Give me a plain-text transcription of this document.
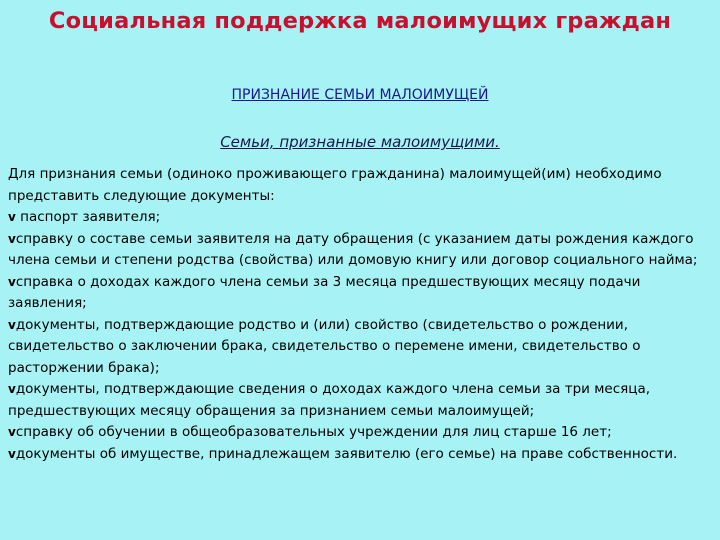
Социальная поддержка малоимущих граждан
ПРИЗНАНИЕ СЕМЬИ МАЛОИМУЩЕЙ
Семьи, признанные малоимущими.

Для признания семьи (одиноко проживающего гражданина) малоимущей(им) необходимо представить следующие документы:

v паспорт заявителя;
vсправку о составе семьи заявителя на дату обращения (с указанием даты рождения каждого члена семьи и степени родства (свойства) или домовую книгу или договор социального найма;
vсправка о доходах каждого члена семьи за 3 месяца предшествующих месяцу подачи заявления;
vдокументы, подтверждающие родство и (или) свойство (свидетельство о рождении, свидетельство о заключении брака, свидетельство о перемене имени, свидетельство о расторжении брака);
vдокументы, подтверждающие сведения о доходах каждого члена семьи за три месяца, предшествующих месяцу обращения за признанием семьи малоимущей;
vсправку об обучении в общеобразовательных учреждении для лиц старше 16 лет;
vдокументы об имуществе, принадлежащем заявителю (его семье) на праве собственности.
